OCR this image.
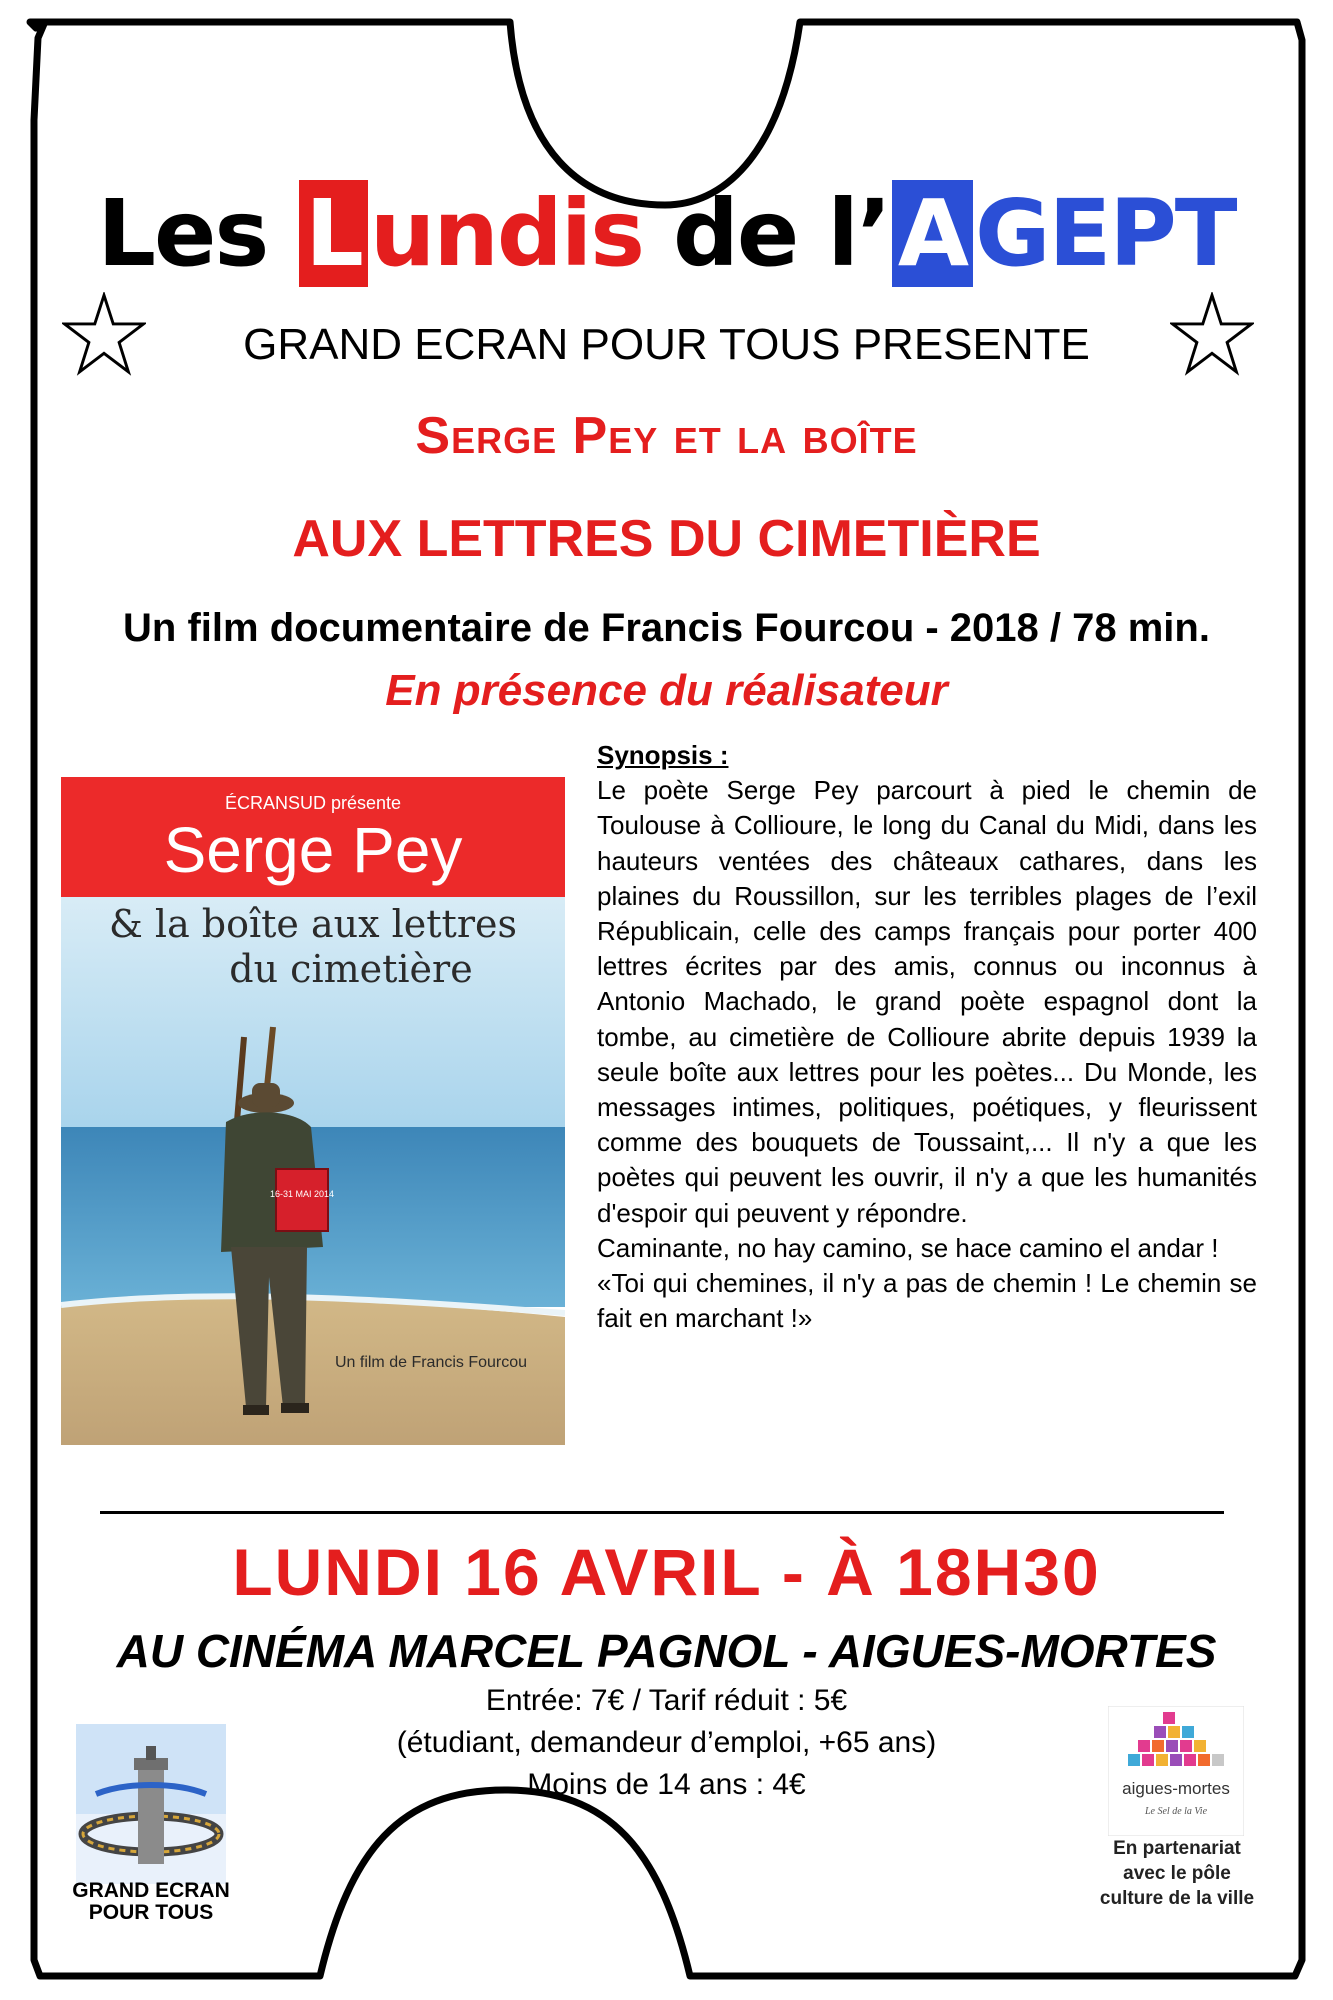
Les Lundis de l’AGEPT
GRAND ECRAN POUR TOUS PRESENTE
Serge Pey et la boîte
AUX LETTRES DU CIMETIÈRE
Un film documentaire de Francis Fourcou - 2018 / 78 min.
En présence du réalisateur
16-31 MAI 2014
ÉCRANSUD présente
Serge Pey
& la boîte aux lettres
du cimetière
Un film de Francis Fourcou
Synopsis :
Le poète Serge Pey parcourt à pied le chemin de Toulouse à Collioure, le long du Canal du Midi, dans les hauteurs ventées des châteaux cathares, dans les plaines du Roussillon, sur les terribles plages de l’exil Républicain, celle des camps français pour porter 400 lettres écrites par des amis, connus ou inconnus à Antonio Machado, le grand poète espagnol dont la tombe, au cimetière de Collioure abrite depuis 1939 la seule boîte aux lettres pour les poètes... Du Monde, les messages intimes, politiques, poétiques, y fleurissent comme des bouquets de Toussaint,... Il n'y a que les poètes qui peuvent les ouvrir, il n'y a que les humanités d'espoir qui peuvent y répondre.
Caminante, no hay camino, se hace camino el andar !
«Toi qui chemines, il n'y a pas de chemin ! Le chemin se fait en marchant !»
LUNDI 16 AVRIL - À 18H30
AU CINÉMA MARCEL PAGNOL - AIGUES-MORTES
Entrée: 7€ / Tarif réduit : 5€
(étudiant, demandeur d’emploi, +65 ans)
Moins de 14 ans : 4€
GRAND ECRAN
POUR TOUS
aigues-mortes
Le Sel de la Vie
En partenariat avec le pôle culture de la ville
